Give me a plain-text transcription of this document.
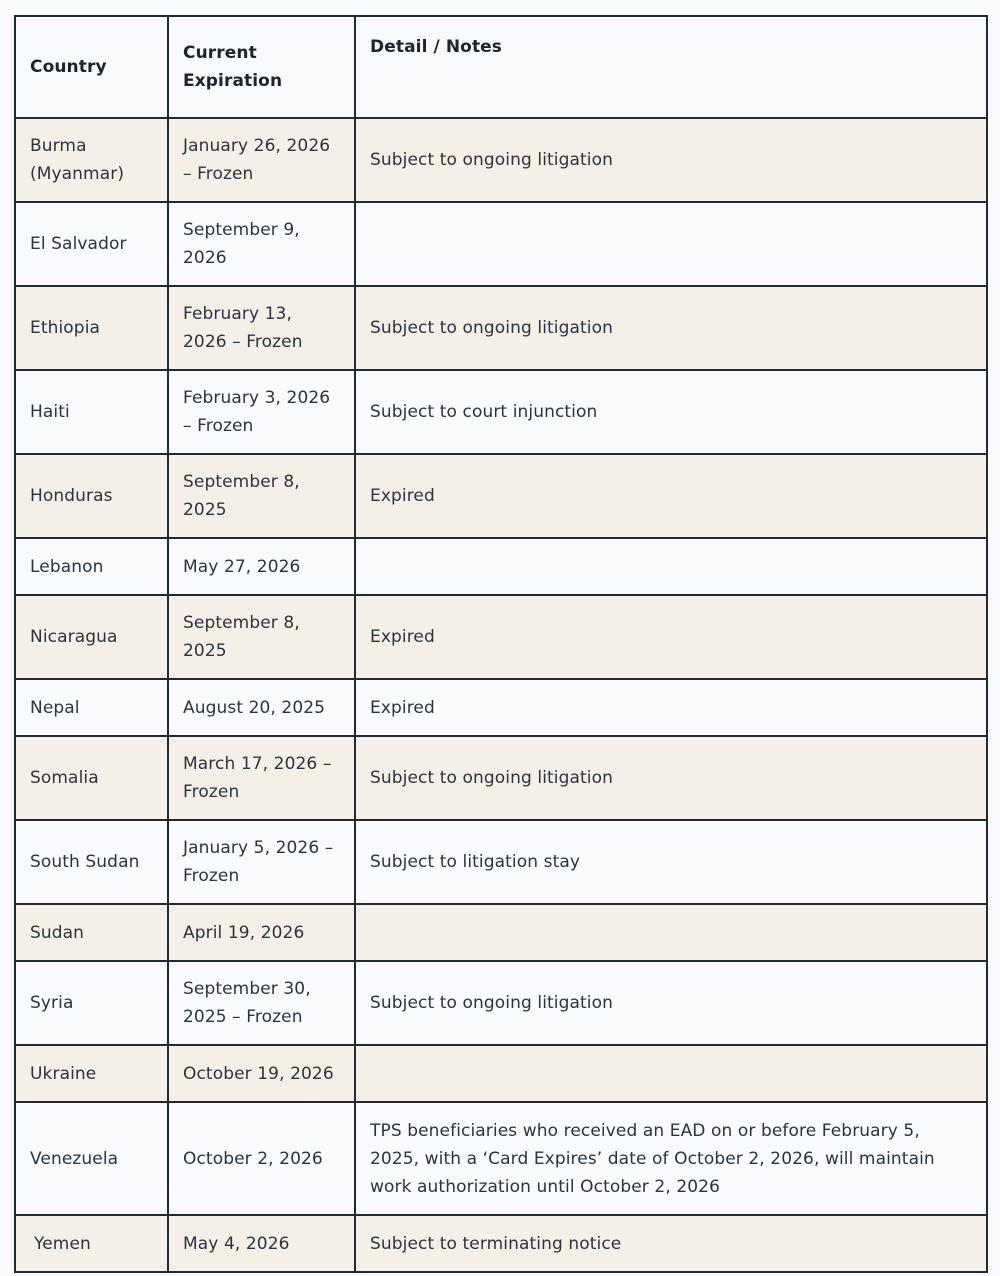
Country	Current Expiration	Detail / Notes
Burma (Myanmar)	January 26, 2026 – Frozen	Subject to ongoing litigation
El Salvador	September 9, 2026	
Ethiopia	February 13, 2026 – Frozen	Subject to ongoing litigation
Haiti	February 3, 2026 – Frozen	Subject to court injunction
Honduras	September 8, 2025	Expired
Lebanon	May 27, 2026	
Nicaragua	September 8, 2025	Expired
Nepal	August 20, 2025	Expired
Somalia	March 17, 2026 – Frozen	Subject to ongoing litigation
South Sudan	January 5, 2026 – Frozen	Subject to litigation stay
Sudan	April 19, 2026	
Syria	September 30, 2025 – Frozen	Subject to ongoing litigation
Ukraine	October 19, 2026	
Venezuela	October 2, 2026	TPS beneficiaries who received an EAD on or before February 5, 2025, with a ‘Card Expires’ date of October 2, 2026, will maintain work authorization until October 2, 2026
Yemen	May 4, 2026	Subject to terminating notice
